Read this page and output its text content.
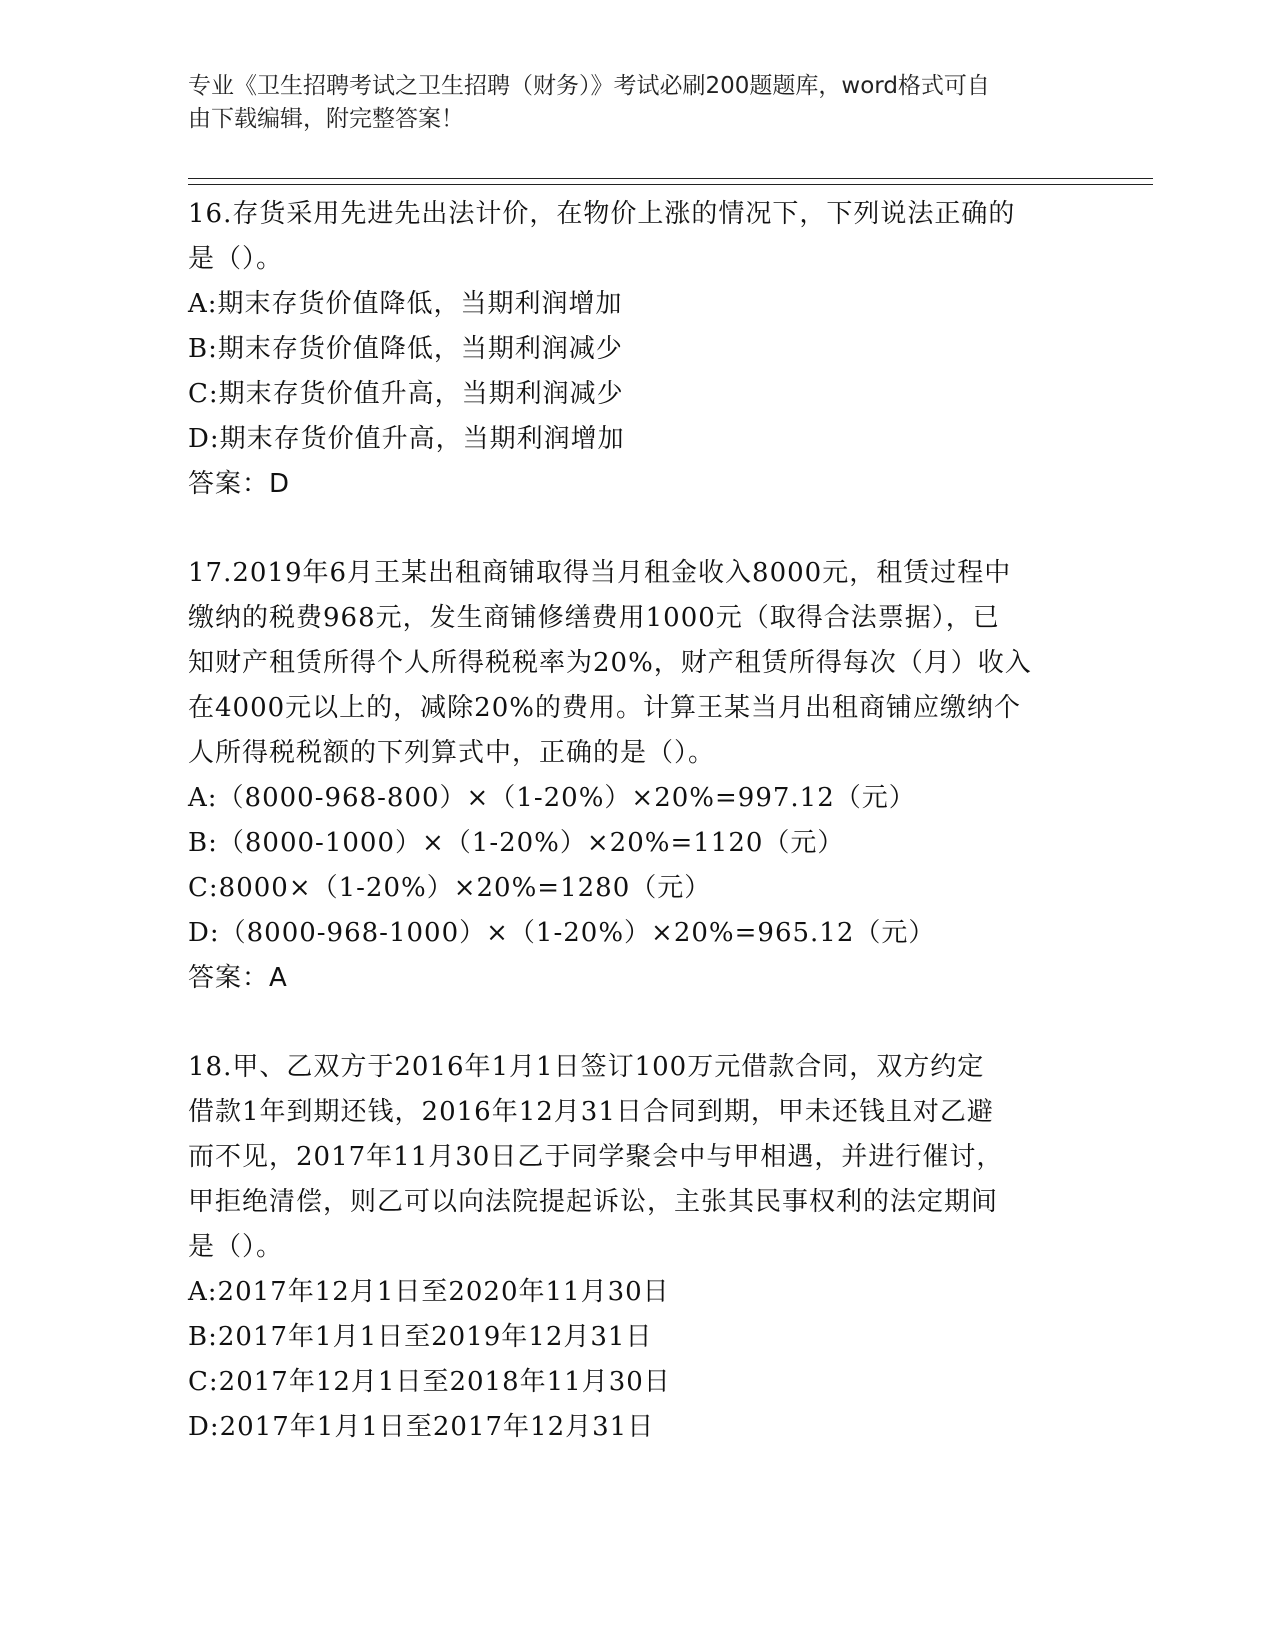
专业《卫生招聘考试之卫生招聘（财务）》考试必刷200题题库，word格式可自
由下载编辑，附完整答案！

16.存货采用先进先出法计价，在物价上涨的情况下，下列说法正确的

是（）。

A:期末存货价值降低，当期利润增加

B:期末存货价值降低，当期利润减少

C:期末存货价值升高，当期利润减少

D:期末存货价值升高，当期利润增加

答案：D

17.2019年6月王某出租商铺取得当月租金收入8000元，租赁过程中

缴纳的税费968元，发生商铺修缮费用1000元（取得合法票据），已

知财产租赁所得个人所得税税率为20%，财产租赁所得每次（月）收入

在4000元以上的，减除20%的费用。计算王某当月出租商铺应缴纳个

人所得税税额的下列算式中，正确的是（）。

A:（8000-968-800）×（1-20%）×20%=997.12（元）

B:（8000-1000）×（1-20%）×20%=1120（元）

C:8000×（1-20%）×20%=1280（元）

D:（8000-968-1000）×（1-20%）×20%=965.12（元）

答案：A

18.甲、乙双方于2016年1月1日签订100万元借款合同，双方约定

借款1年到期还钱，2016年12月31日合同到期，甲未还钱且对乙避

而不见，2017年11月30日乙于同学聚会中与甲相遇，并进行催讨，

甲拒绝清偿，则乙可以向法院提起诉讼，主张其民事权利的法定期间

是（）。

A:2017年12月1日至2020年11月30日

B:2017年1月1日至2019年12月31日

C:2017年12月1日至2018年11月30日

D:2017年1月1日至2017年12月31日
